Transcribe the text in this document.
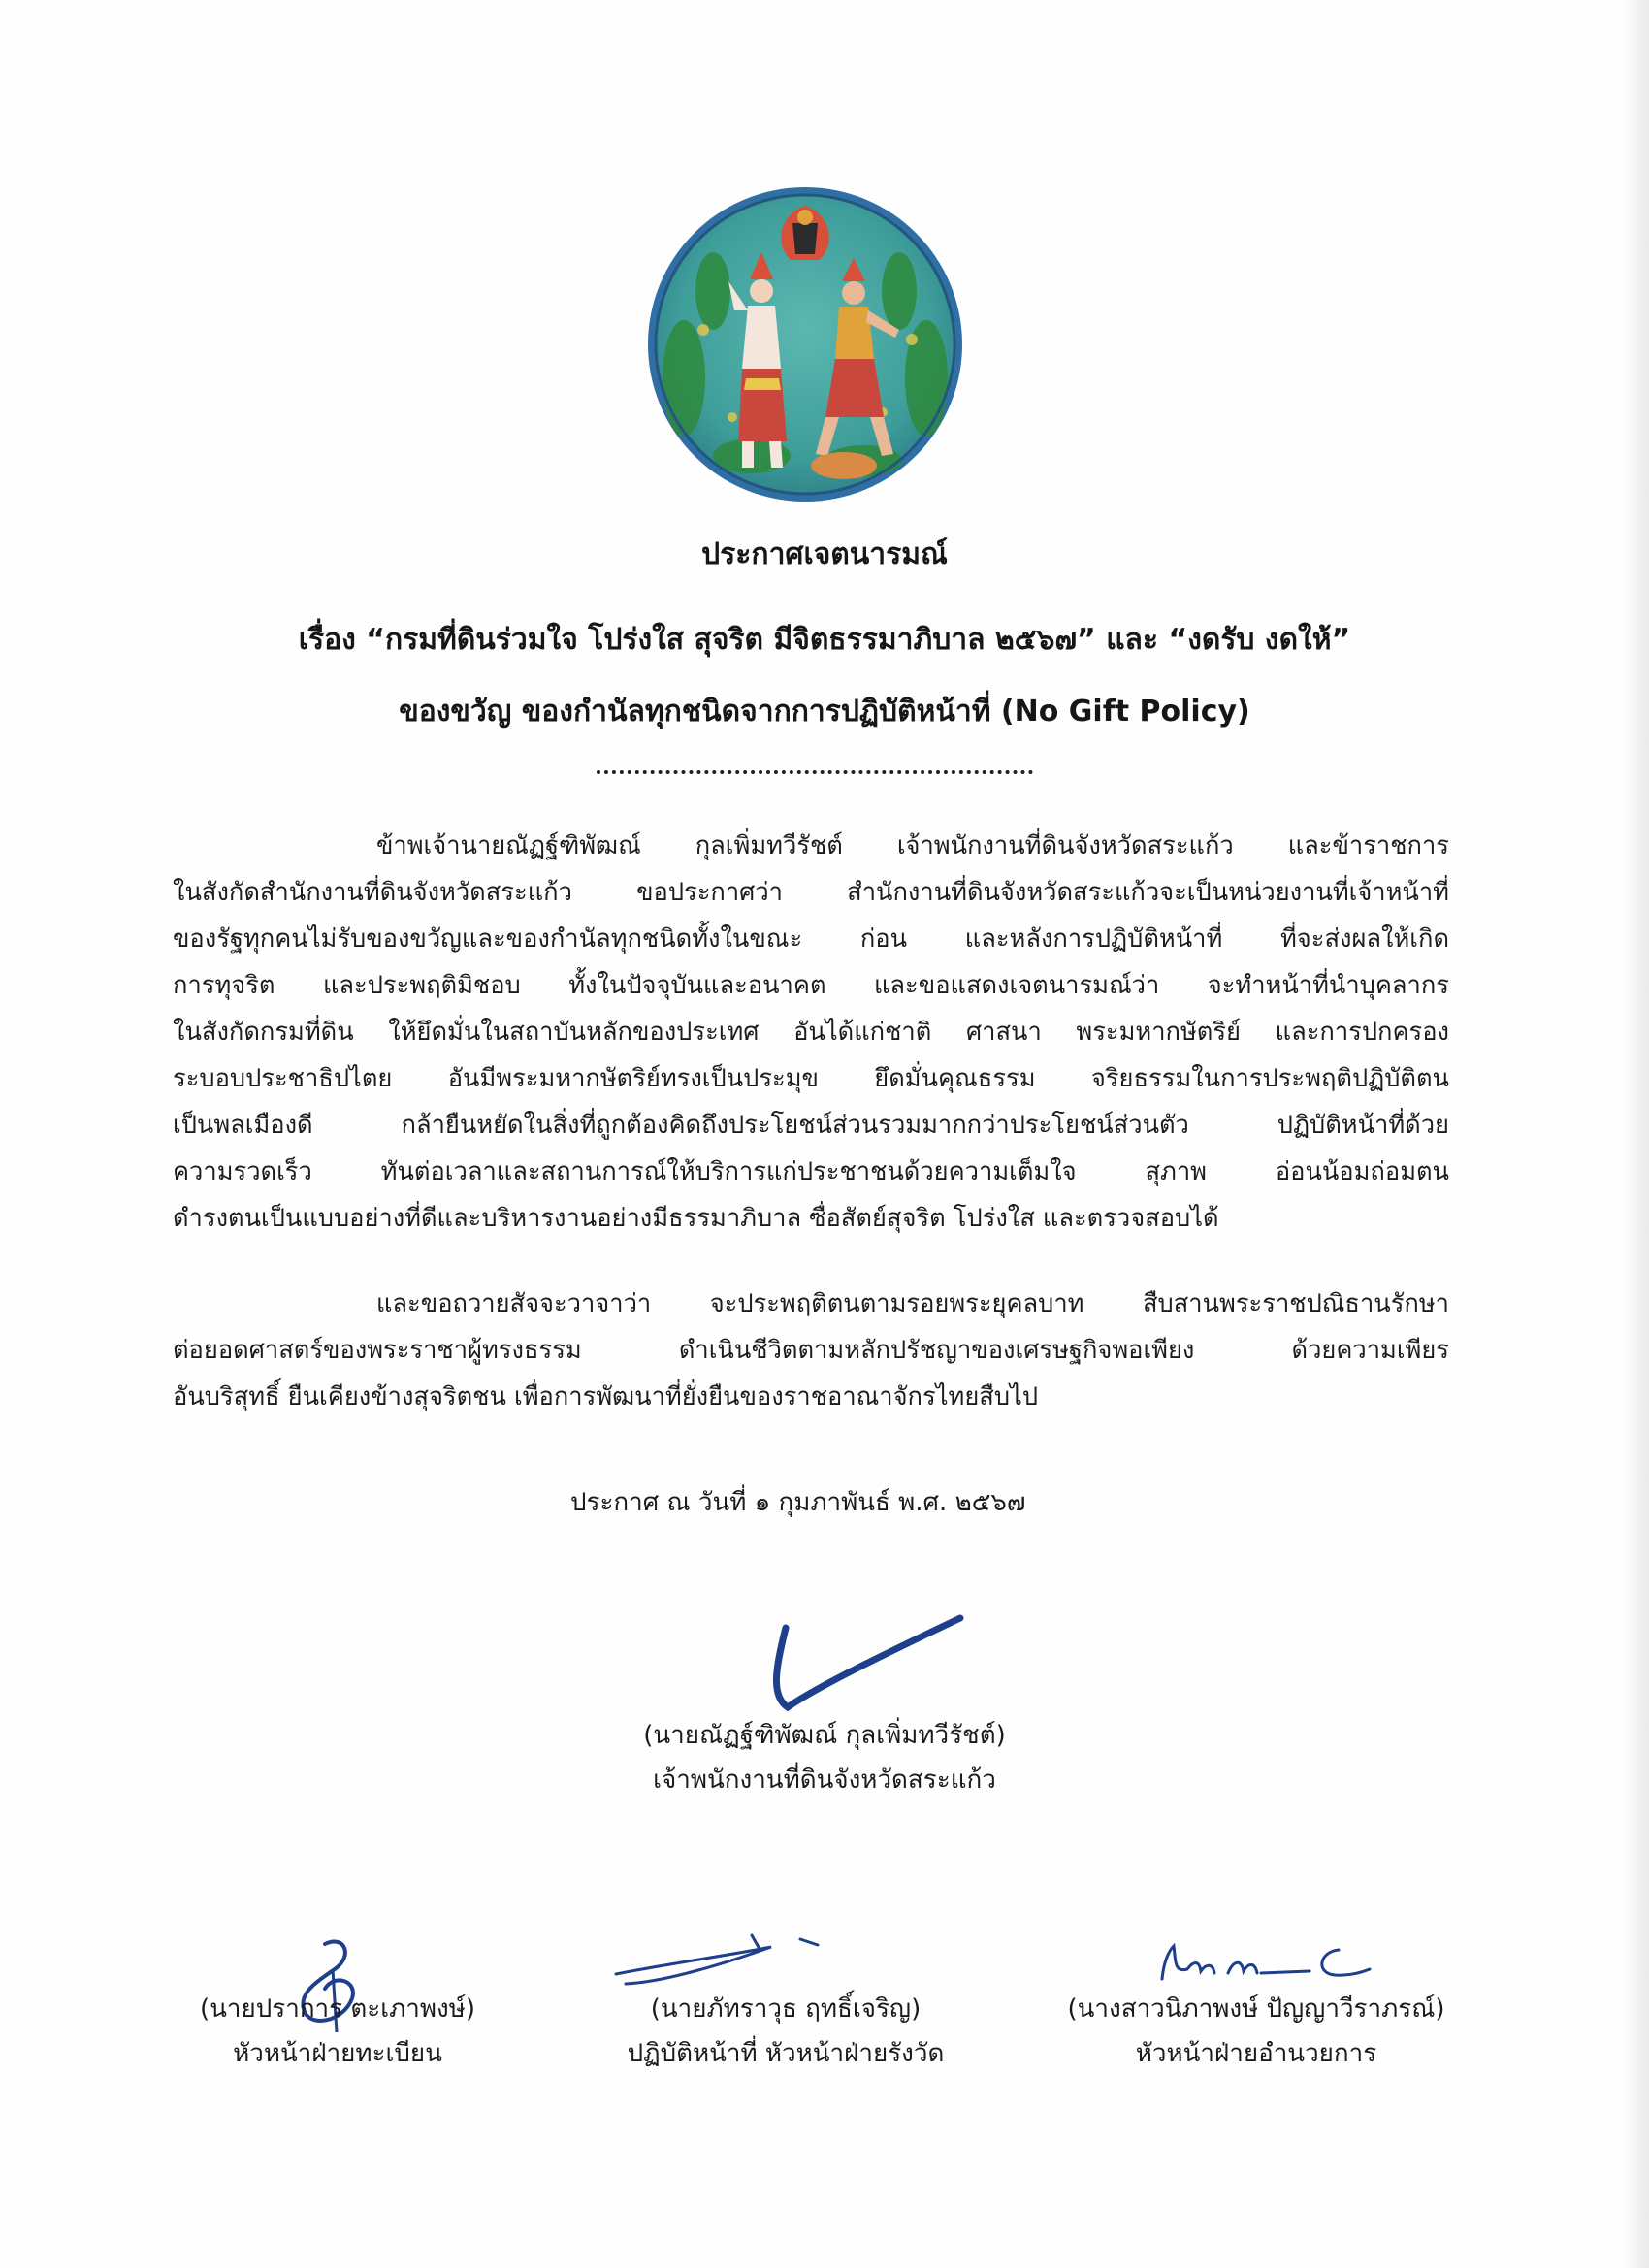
ประกาศเจตนารมณ์
เรื่อง “กรมที่ดินร่วมใจ โปร่งใส สุจริต มีจิตธรรมาภิบาล ๒๕๖๗” และ “งดรับ งดให้”
ของขวัญ ของกำนัลทุกชนิดจากการปฏิบัติหน้าที่ (No Gift Policy)
ข้าพเจ้านายณัฏฐ์ฑิพัฒณ์ กุลเพิ่มทวีรัชต์ เจ้าพนักงานที่ดินจังหวัดสระแก้ว และข้าราชการ
ในสังกัดสำนักงานที่ดินจังหวัดสระแก้ว ขอประกาศว่า สำนักงานที่ดินจังหวัดสระแก้วจะเป็นหน่วยงานที่เจ้าหน้าที่
ของรัฐทุกคนไม่รับของขวัญและของกำนัลทุกชนิดทั้งในขณะ ก่อน และหลังการปฏิบัติหน้าที่ ที่จะส่งผลให้เกิด
การทุจริต และประพฤติมิชอบ ทั้งในปัจจุบันและอนาคต และขอแสดงเจตนารมณ์ว่า จะทำหน้าที่นำบุคลากร
ในสังกัดกรมที่ดิน ให้ยึดมั่นในสถาบันหลักของประเทศ อันได้แก่ชาติ ศาสนา พระมหากษัตริย์ และการปกครอง
ระบอบประชาธิปไตย อันมีพระมหากษัตริย์ทรงเป็นประมุข ยึดมั่นคุณธรรม จริยธรรมในการประพฤติปฏิบัติตน
เป็นพลเมืองดี กล้ายืนหยัดในสิ่งที่ถูกต้องคิดถึงประโยชน์ส่วนรวมมากกว่าประโยชน์ส่วนตัว ปฏิบัติหน้าที่ด้วย
ความรวดเร็ว ทันต่อเวลาและสถานการณ์ให้บริการแก่ประชาชนด้วยความเต็มใจ สุภาพ อ่อนน้อมถ่อมตน
ดำรงตนเป็นแบบอย่างที่ดีและบริหารงานอย่างมีธรรมาภิบาล ซื่อสัตย์สุจริต โปร่งใส และตรวจสอบได้
และขอถวายสัจจะวาจาว่า จะประพฤติตนตามรอยพระยุคลบาท สืบสานพระราชปณิธานรักษา
ต่อยอดศาสตร์ของพระราชาผู้ทรงธรรม ดำเนินชีวิตตามหลักปรัชญาของเศรษฐกิจพอเพียง ด้วยความเพียร
อันบริสุทธิ์ ยืนเคียงข้างสุจริตชน เพื่อการพัฒนาที่ยั่งยืนของราชอาณาจักรไทยสืบไป
ประกาศ ณ วันที่ ๑ กุมภาพันธ์ พ.ศ. ๒๕๖๗
(นายณัฏฐ์ฑิพัฒณ์ กุลเพิ่มทวีรัชต์)
เจ้าพนักงานที่ดินจังหวัดสระแก้ว
(นายปราการ ตะเภาพงษ์)
หัวหน้าฝ่ายทะเบียน
(นายภัทราวุธ ฤทธิ์เจริญ)
ปฏิบัติหน้าที่ หัวหน้าฝ่ายรังวัด
(นางสาวนิภาพงษ์ ปัญญาวีราภรณ์)
หัวหน้าฝ่ายอำนวยการ
